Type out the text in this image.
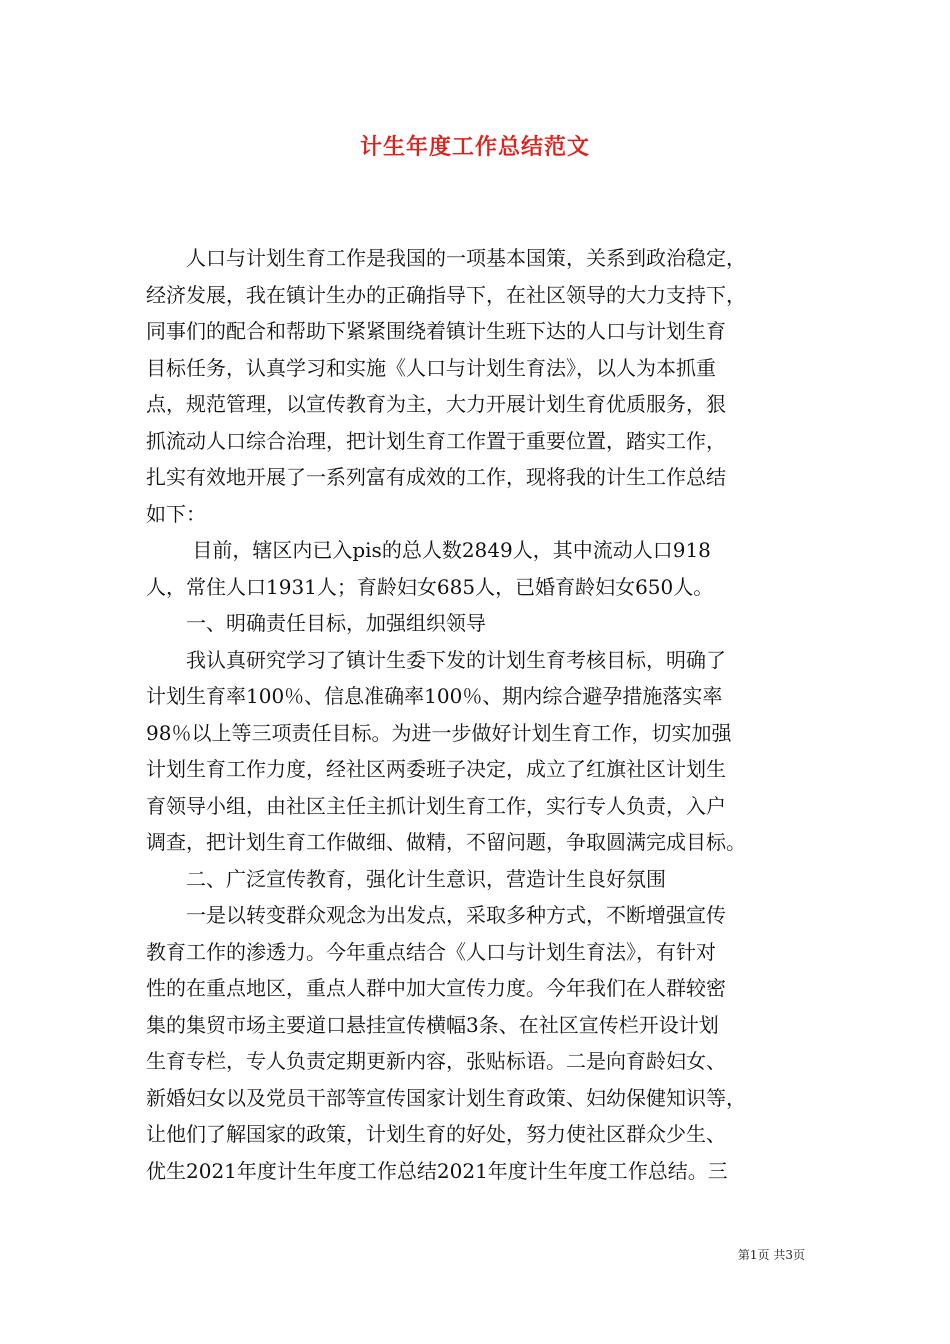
计生年度工作总结范文
　　人口与计划生育工作是我国的一项基本国策，关系到政治稳定，
经济发展，我在镇计生办的正确指导下，在社区领导的大力支持下，
同事们的配合和帮助下紧紧围绕着镇计生班下达的人口与计划生育
目标任务，认真学习和实施《人口与计划生育法》，以人为本抓重
点，规范管理，以宣传教育为主，大力开展计划生育优质服务，狠
抓流动人口综合治理，把计划生育工作置于重要位置，踏实工作，
扎实有效地开展了一系列富有成效的工作，现将我的计生工作总结
如下：
　　 目前，辖区内已入pis的总人数2849人，其中流动人口918
人，常住人口1931人；育龄妇女685人，已婚育龄妇女650人。
　　一、明确责任目标，加强组织领导
　　我认真研究学习了镇计生委下发的计划生育考核目标，明确了
计划生育率100％、信息准确率100％、期内综合避孕措施落实率
98％以上等三项责任目标。为进一步做好计划生育工作，切实加强
计划生育工作力度，经社区两委班子决定，成立了红旗社区计划生
育领导小组，由社区主任主抓计划生育工作，实行专人负责，入户
调查，把计划生育工作做细、做精，不留问题，争取圆满完成目标。
　　二、广泛宣传教育，强化计生意识，营造计生良好氛围
　　一是以转变群众观念为出发点，采取多种方式，不断增强宣传
教育工作的渗透力。今年重点结合《人口与计划生育法》，有针对
性的在重点地区，重点人群中加大宣传力度。今年我们在人群较密
集的集贸市场主要道口悬挂宣传横幅3条、在社区宣传栏开设计划
生育专栏，专人负责定期更新内容，张贴标语。二是向育龄妇女、
新婚妇女以及党员干部等宣传国家计划生育政策、妇幼保健知识等，
让他们了解国家的政策，计划生育的好处，努力使社区群众少生、
优生2021年度计生年度工作总结2021年度计生年度工作总结。三
第1页 共3页
